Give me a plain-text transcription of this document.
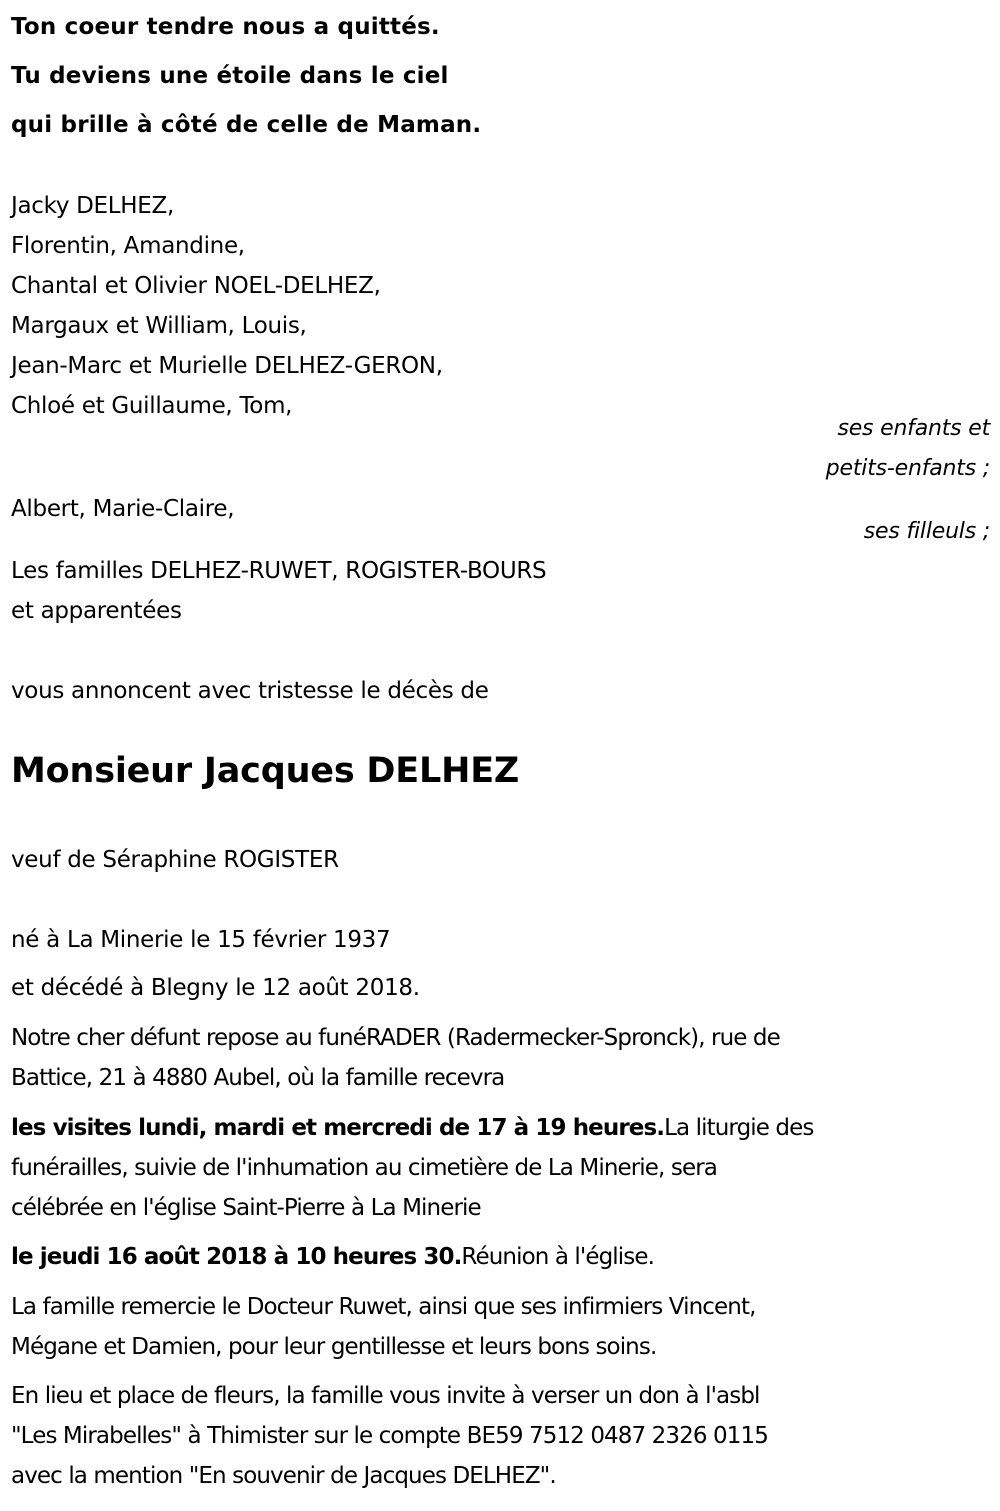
Ton coeur tendre nous a quittés.
Tu deviens une étoile dans le ciel
qui brille à côté de celle de Maman.
Jacky DELHEZ,
Florentin, Amandine,
Chantal et Olivier NOEL-DELHEZ,
Margaux et William, Louis,
Jean-Marc et Murielle DELHEZ-GERON,
Chloé et Guillaume, Tom,
ses enfants et
petits-enfants ;
Albert, Marie-Claire,
ses filleuls ;
Les familles DELHEZ-RUWET, ROGISTER-BOURS
et apparentées
vous annoncent avec tristesse le décès de
Monsieur Jacques DELHEZ
veuf de Séraphine ROGISTER
né à La Minerie le 15 février 1937
et décédé à Blegny le 12 août 2018.
Notre cher défunt repose au funéRADER (Radermecker-Spronck), rue de
Battice, 21 à 4880 Aubel, où la famille recevra
les visites lundi, mardi et mercredi de 17 à 19 heures.La liturgie des
funérailles, suivie de l'inhumation au cimetière de La Minerie, sera
célébrée en l'église Saint-Pierre à La Minerie
le jeudi 16 août 2018 à 10 heures 30.Réunion à l'église.
La famille remercie le Docteur Ruwet, ainsi que ses infirmiers Vincent,
Mégane et Damien, pour leur gentillesse et leurs bons soins.
En lieu et place de fleurs, la famille vous invite à verser un don à l'asbl
"Les Mirabelles" à Thimister sur le compte BE59 7512 0487 2326 0115
avec la mention "En souvenir de Jacques DELHEZ".
